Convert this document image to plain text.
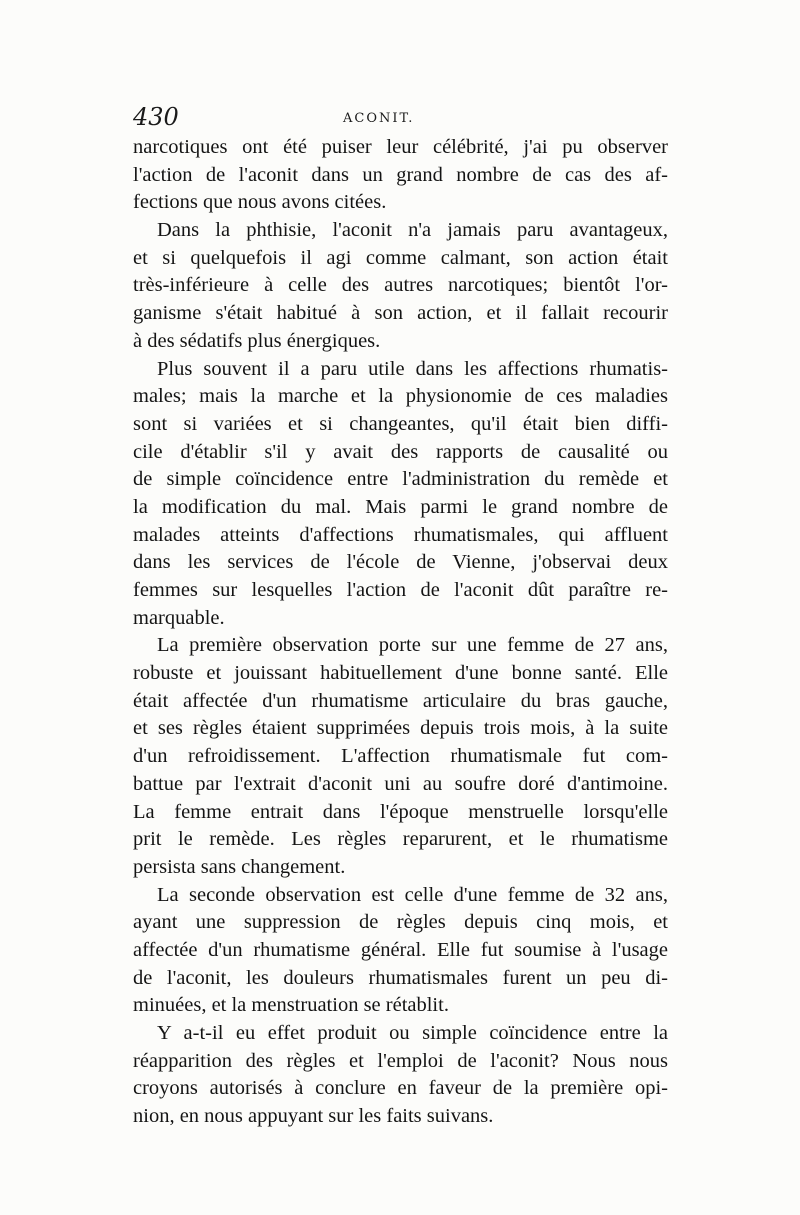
430	ACONIT.
narcotiques ont été puiser leur célébrité, j'ai pu observer
l'action de l'aconit dans un grand nombre de cas des af-
fections que nous avons citées.
Dans la phthisie, l'aconit n'a jamais paru avantageux,
et si quelquefois il agi comme calmant, son action était
très-inférieure à celle des autres narcotiques; bientôt l'or-
ganisme s'était habitué à son action, et il fallait recourir
à des sédatifs plus énergiques.
Plus souvent il a paru utile dans les affections rhumatis-
males; mais la marche et la physionomie de ces maladies
sont si variées et si changeantes, qu'il était bien diffi-
cile d'établir s'il y avait des rapports de causalité ou
de simple coïncidence entre l'administration du remède et
la modification du mal. Mais parmi le grand nombre de
malades atteints d'affections rhumatismales, qui affluent
dans les services de l'école de Vienne, j'observai deux
femmes sur lesquelles l'action de l'aconit dût paraître re-
marquable.
La première observation porte sur une femme de 27 ans,
robuste et jouissant habituellement d'une bonne santé. Elle
était affectée d'un rhumatisme articulaire du bras gauche,
et ses règles étaient supprimées depuis trois mois, à la suite
d'un refroidissement. L'affection rhumatismale fut com-
battue par l'extrait d'aconit uni au soufre doré d'antimoine.
La femme entrait dans l'époque menstruelle lorsqu'elle
prit le remède. Les règles reparurent, et le rhumatisme
persista sans changement.
La seconde observation est celle d'une femme de 32 ans,
ayant une suppression de règles depuis cinq mois, et
affectée d'un rhumatisme général. Elle fut soumise à l'usage
de l'aconit, les douleurs rhumatismales furent un peu di-
minuées, et la menstruation se rétablit.
Y a-t-il eu effet produit ou simple coïncidence entre la
réapparition des règles et l'emploi de l'aconit? Nous nous
croyons autorisés à conclure en faveur de la première opi-
nion, en nous appuyant sur les faits suivans.
